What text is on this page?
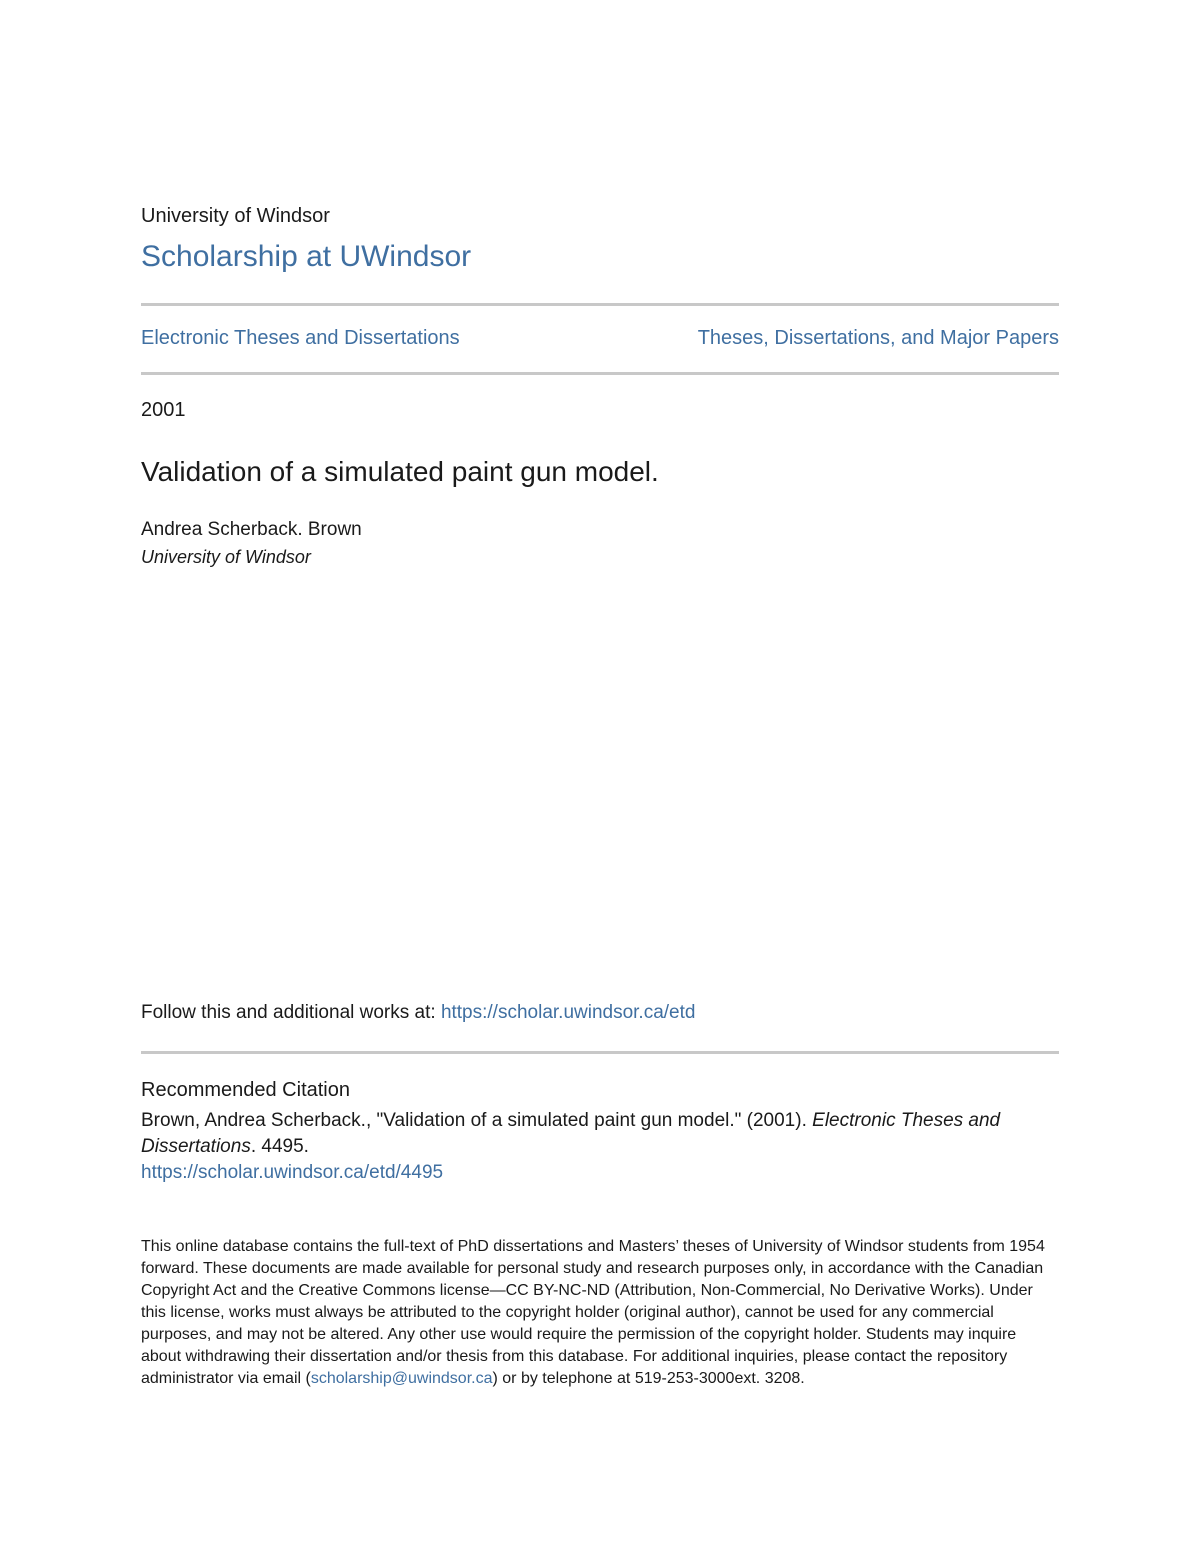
University of Windsor

Scholarship at UWindsor
Electronic Theses and Dissertations	Theses, Dissertations, and Major Papers

2001

Validation of a simulated paint gun model.

Andrea Scherback. Brown

University of Windsor

Follow this and additional works at: https://scholar.uwindsor.ca/etd

Recommended Citation

Brown, Andrea Scherback., "Validation of a simulated paint gun model." (2001). Electronic Theses and Dissertations. 4495.

https://scholar.uwindsor.ca/etd/4495

This online database contains the full-text of PhD dissertations and Masters’ theses of University of Windsor students from 1954 forward. These documents are made available for personal study and research purposes only, in accordance with the Canadian Copyright Act and the Creative Commons license—CC BY-NC-ND (Attribution, Non-Commercial, No Derivative Works). Under this license, works must always be attributed to the copyright holder (original author), cannot be used for any commercial purposes, and may not be altered. Any other use would require the permission of the copyright holder. Students may inquire about withdrawing their dissertation and/or thesis from this database. For additional inquiries, please contact the repository administrator via email (scholarship@uwindsor.ca) or by telephone at 519-253-3000ext. 3208.
